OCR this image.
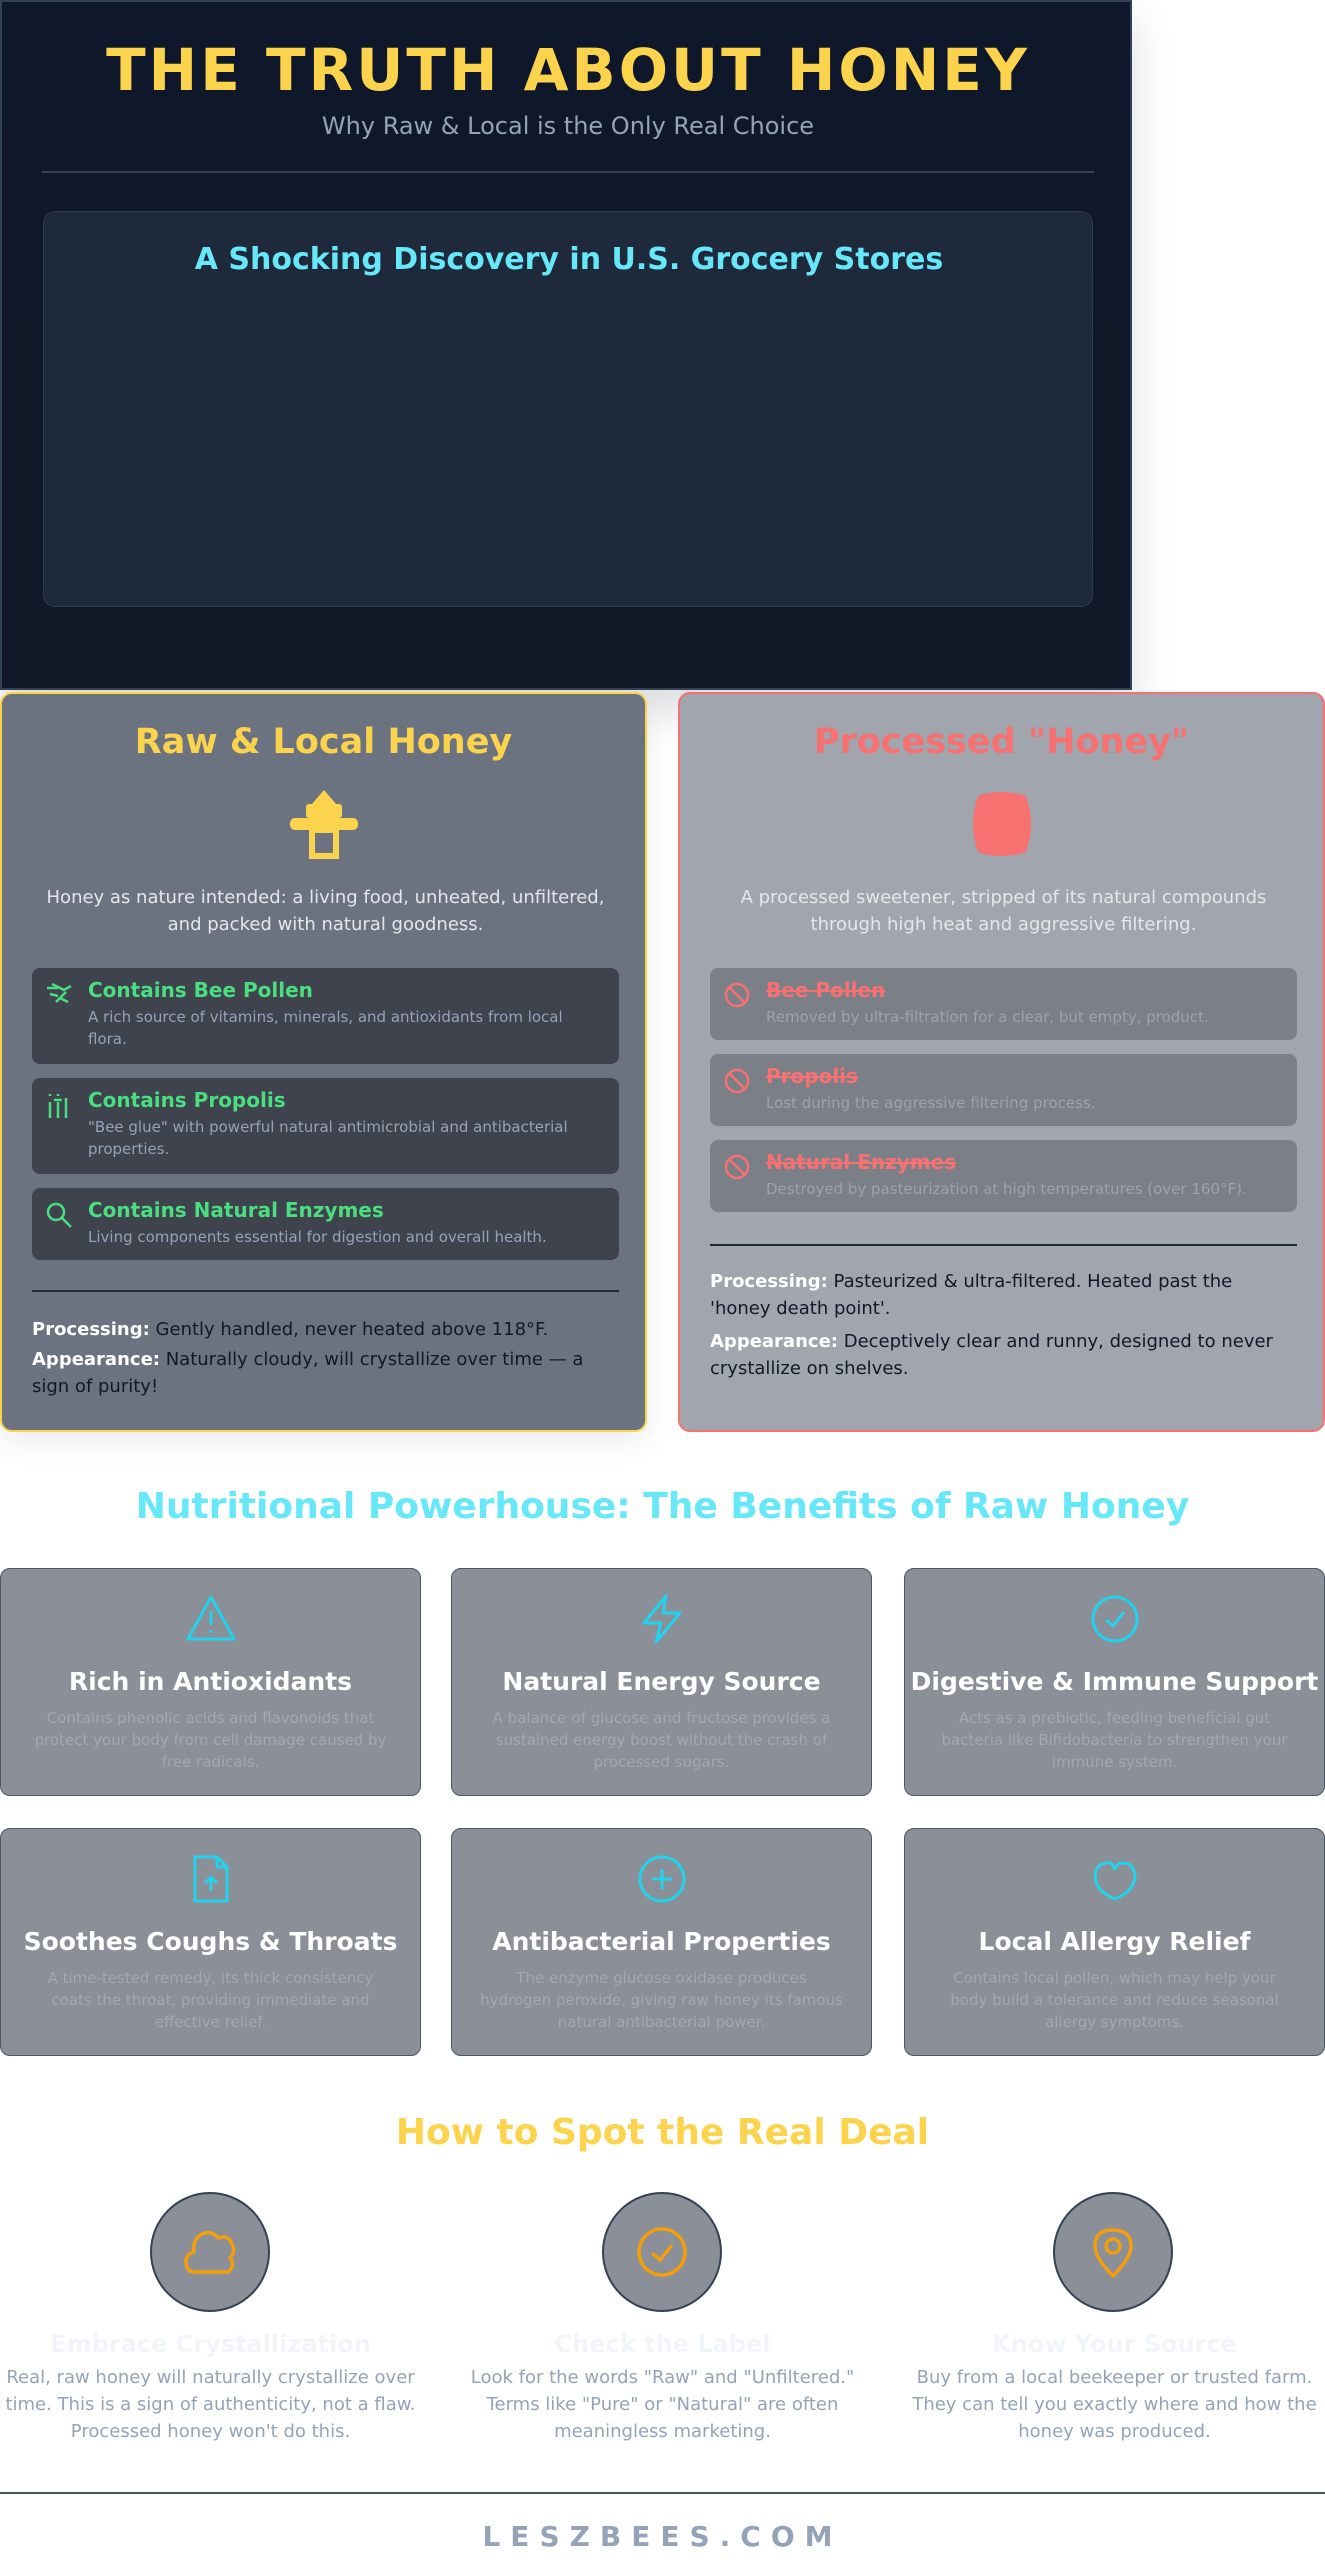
THE TRUTH ABOUT HONEY
Why Raw & Local is the Only Real Choice
A Shocking Discovery in U.S. Grocery Stores
Raw & Local Honey
Honey as nature intended: a living food, unheated, unfiltered, and packed with natural goodness.
Contains Bee Pollen
A rich source of vitamins, minerals, and antioxidants from local flora.
Contains Propolis
"Bee glue" with powerful natural antimicrobial and antibacterial properties.
Contains Natural Enzymes
Living components essential for digestion and overall health.
Processing: Gently handled, never heated above 118°F.
Appearance: Naturally cloudy, will crystallize over time — a sign of purity!
Processed "Honey"
A processed sweetener, stripped of its natural compounds through high heat and aggressive filtering.
Bee Pollen
Removed by ultra-filtration for a clear, but empty, product.
Propolis
Lost during the aggressive filtering process.
Natural Enzymes
Destroyed by pasteurization at high temperatures (over 160°F).
Processing: Pasteurized & ultra-filtered. Heated past the 'honey death point'.
Appearance: Deceptively clear and runny, designed to never crystallize on shelves.
Nutritional Powerhouse: The Benefits of Raw Honey
Rich in Antioxidants
Contains phenolic acids and flavonoids that protect your body from cell damage caused by free radicals.
Natural Energy Source
A balance of glucose and fructose provides a sustained energy boost without the crash of processed sugars.
Digestive & Immune Support
Acts as a prebiotic, feeding beneficial gut bacteria like Bifidobacteria to strengthen your immune system.
Soothes Coughs & Throats
A time-tested remedy, its thick consistency coats the throat, providing immediate and effective relief.
Antibacterial Properties
The enzyme glucose oxidase produces hydrogen peroxide, giving raw honey its famous natural antibacterial power.
Local Allergy Relief
Contains local pollen, which may help your body build a tolerance and reduce seasonal allergy symptoms.
How to Spot the Real Deal
Embrace Crystallization
Real, raw honey will naturally crystallize over time. This is a sign of authenticity, not a flaw. Processed honey won't do this.
Check the Label
Look for the words "Raw" and "Unfiltered." Terms like "Pure" or "Natural" are often meaningless marketing.
Know Your Source
Buy from a local beekeeper or trusted farm. They can tell you exactly where and how the honey was produced.
LESZBEES.COM
